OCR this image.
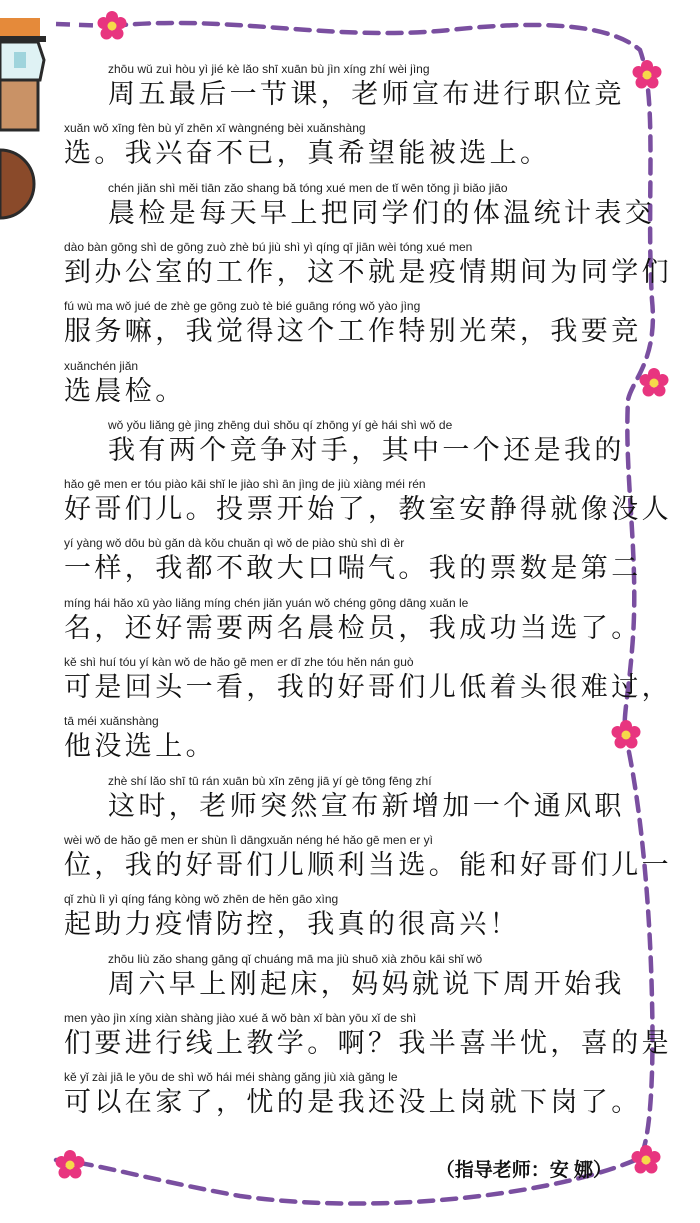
zhōu wǔ zuì hòu yì jié kè lǎo shī xuān bù jìn xíng zhí wèi jìng
周五最后一节课，老师宣布进行职位竞
xuǎn wǒ xīng fèn bù yǐ zhēn xī wàngnéng bèi xuǎnshàng
选。我兴奋不已，真希望能被选上。
chén jiǎn shì měi tiān zǎo shang bǎ tóng xué men de tǐ wēn tǒng jì biǎo jiāo
晨检是每天早上把同学们的体温统计表交
dào bàn gōng shì de gōng zuò zhè bú jiù shì yì qíng qī jiān wèi tóng xué men
到办公室的工作，这不就是疫情期间为同学们
fú wù ma wǒ jué de zhè ge gōng zuò tè bié guāng róng wǒ yào jìng
服务嘛，我觉得这个工作特别光荣，我要竞
xuǎnchén jiǎn
选晨检。
wǒ yǒu liǎng gè jìng zhēng duì shǒu qí zhōng yí gè hái shì wǒ de
我有两个竞争对手，其中一个还是我的
hǎo gē men er tóu piào kāi shǐ le jiào shì ān jìng de jiù xiàng méi rén
好哥们儿。投票开始了，教室安静得就像没人
yí yàng wǒ dōu bù gǎn dà kǒu chuǎn qì wǒ de piào shù shì dì èr
一样，我都不敢大口喘气。我的票数是第二
míng hái hǎo xū yào liǎng míng chén jiǎn yuán wǒ chéng gōng dāng xuǎn le
名，还好需要两名晨检员，我成功当选了。
kě shì huí tóu yí kàn wǒ de hǎo gē men er dī zhe tóu hěn nán guò
可是回头一看，我的好哥们儿低着头很难过，
tā méi xuǎnshàng
他没选上。
zhè shí lǎo shī tū rán xuān bù xīn zēng jiā yí gè tōng fēng zhí
这时，老师突然宣布新增加一个通风职
wèi wǒ de hǎo gē men er shùn lì dāngxuǎn néng hé hǎo gē men er yì
位，我的好哥们儿顺利当选。能和好哥们儿一
qǐ zhù lì yì qíng fáng kòng wǒ zhēn de hěn gāo xìng
起助力疫情防控，我真的很高兴！
zhōu liù zǎo shang gāng qǐ chuáng mā ma jiù shuō xià zhōu kāi shǐ wǒ
周六早上刚起床，妈妈就说下周开始我
men yào jìn xíng xiàn shàng jiào xué ǎ wǒ bàn xǐ bàn yōu xǐ de shì
们要进行线上教学。啊？我半喜半忧，喜的是
kě yǐ zài jiā le yōu de shì wǒ hái méi shàng gǎng jiù xià gǎng le
可以在家了，忧的是我还没上岗就下岗了。
（指导老师：安 娜）
